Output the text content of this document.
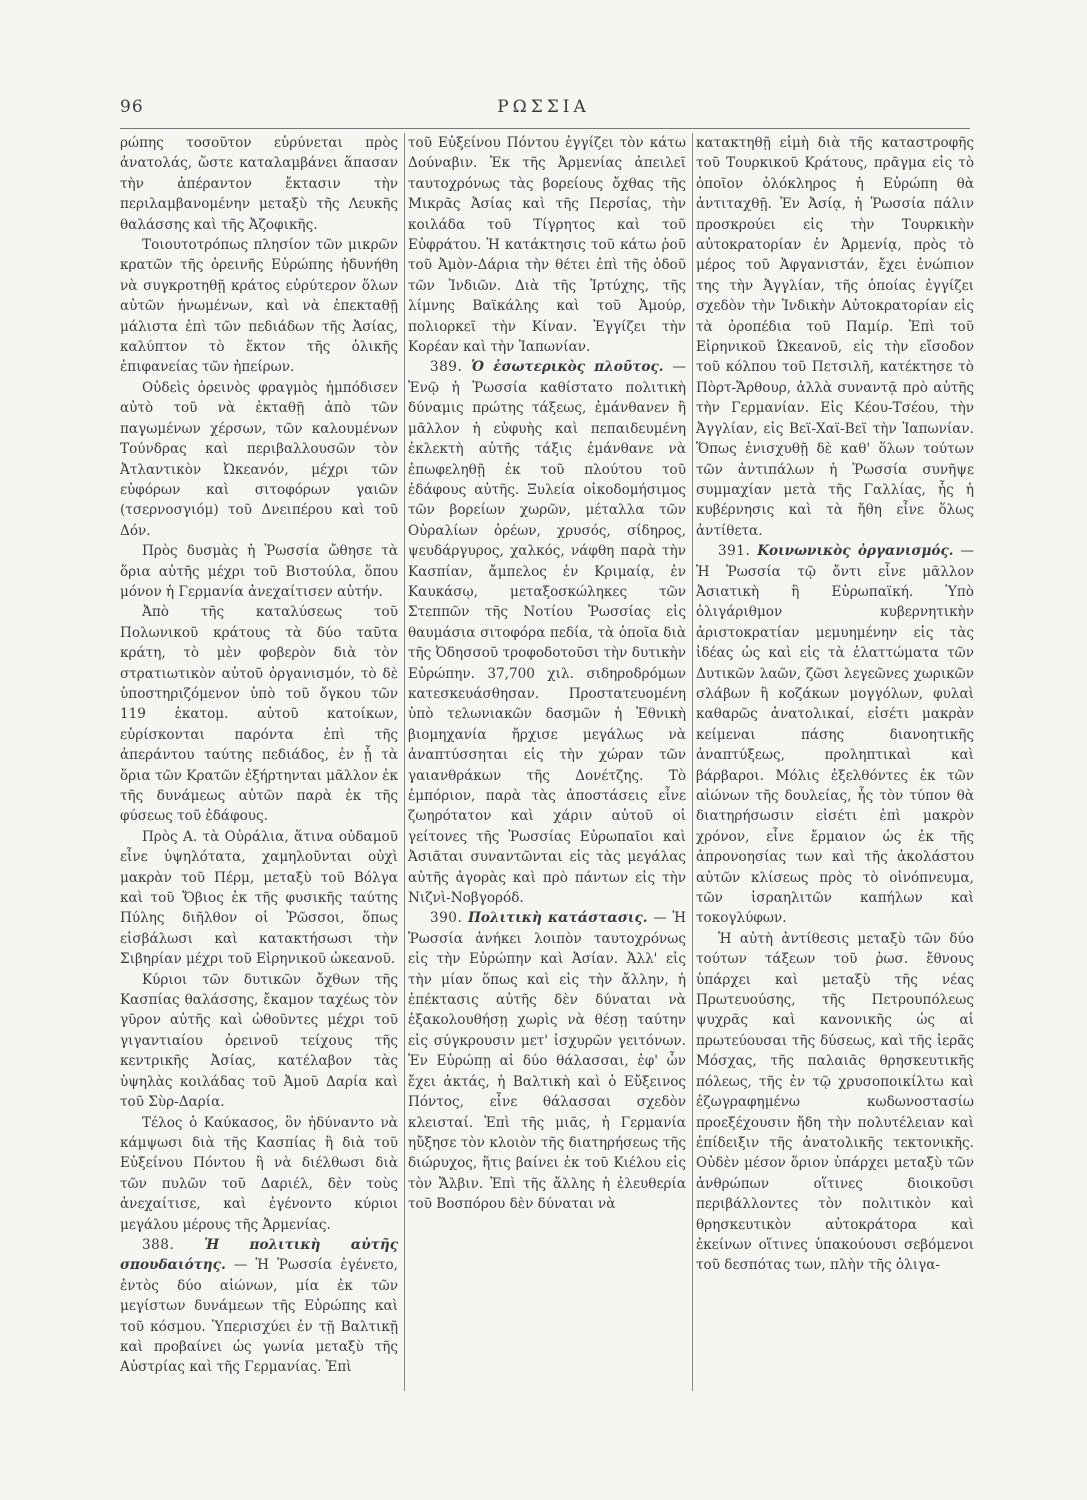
96	ΡΩΣΣΙΑ

ρώπης τοσοῦτον εὑρύνεται πρὸς ἀνατολάς, ὥστε καταλαμβάνει ἅπασαν τὴν ἀπέραντον ἔκτασιν τὴν περιλαμβανομένην μεταξὺ τῆς Λευκῆς θαλάσσης καὶ τῆς Ἀζοφικῆς.

Τοιουτοτρόπως πλησίον τῶν μικρῶν κρατῶν τῆς ὀρεινῆς Εὐρώπης ἠδυνήθη νὰ συγκροτηθῇ κράτος εὐρύτερον ὅλων αὐτῶν ἡνωμένων, καὶ νὰ ἐπεκταθῇ μάλιστα ἐπὶ τῶν πεδιάδων τῆς Ἀσίας, καλύπτον τὸ ἕκτον τῆς ὁλικῆς ἐπιφανείας τῶν ἠπείρων.

Οὐδεὶς ὀρεινὸς φραγμὸς ἠμπόδισεν αὐτὸ τοῦ νὰ ἐκταθῇ ἀπὸ τῶν παγωμένων χέρσων, τῶν καλουμένων Τούνδρας καὶ περιβαλλουσῶν τὸν Ἀτλαντικὸν Ὠκεανόν, μέχρι τῶν εὐφόρων καὶ σιτοφόρων γαιῶν (τσερνοσγιόμ) τοῦ Δνειπέρου καὶ τοῦ Δόν.

Πρὸς δυσμὰς ἡ Ῥωσσία ὤθησε τὰ ὅρια αὐτῆς μέχρι τοῦ Βιστούλα, ὅπου μόνον ἡ Γερμανία ἀνεχαίτισεν αὐτήν.

Ἀπὸ τῆς καταλύσεως τοῦ Πολωνικοῦ κράτους τὰ δύο ταῦτα κράτη, τὸ μὲν φοβερὸν διὰ τὸν στρατιωτικὸν αὐτοῦ ὀργανισμόν, τὸ δὲ ὑποστηριζόμενον ὑπὸ τοῦ ὄγκου τῶν 119 ἑκατομ. αὐτοῦ κατοίκων, εὑρίσκονται παρόντα ἐπὶ τῆς ἀπεράντου ταύτης πεδιάδος, ἐν ᾗ τὰ ὅρια τῶν Κρατῶν ἐξήρτηνται μᾶλλον ἐκ τῆς δυνάμεως αὐτῶν παρὰ ἐκ τῆς φύσεως τοῦ ἐδάφους.

Πρὸς Α. τὰ Οὐράλια, ἅτινα οὐδαμοῦ εἶνε ὑψηλότατα, χαμηλοῦνται οὐχὶ μακρὰν τοῦ Πέρμ, μεταξὺ τοῦ Βόλγα καὶ τοῦ Ὄβιος ἐκ τῆς φυσικῆς ταύτης Πύλης διῆλθον οἱ Ῥῶσσοι, ὅπως εἰσβάλωσι καὶ κατακτήσωσι τὴν Σιβηρίαν μέχρι τοῦ Εἰρηνικοῦ ὠκεανοῦ.

Κύριοι τῶν δυτικῶν ὄχθων τῆς Κασπίας θαλάσσης, ἔκαμον ταχέως τὸν γῦρον αὐτῆς καὶ ὠθοῦντες μέχρι τοῦ γιγαντιαίου ὀρεινοῦ τείχους τῆς κεντρικῆς Ἀσίας, κατέλαβον τὰς ὑψηλὰς κοιλάδας τοῦ Ἀμοῦ Δαρία καὶ τοῦ Σὺρ-Δαρία.

Τέλος ὁ Καύκασος, ὃν ἠδύναντο νὰ κάμψωσι διὰ τῆς Κασπίας ἢ διὰ τοῦ Εὐξείνου Πόντου ἢ νὰ διέλθωσι διὰ τῶν πυλῶν τοῦ Δαριέλ, δὲν τοὺς ἀνεχαίτισε, καὶ ἐγένοντο κύριοι μεγάλου μέρους τῆς Ἀρμενίας.

388. Ἡ πολιτικὴ αὐτῆς σπουδαιότης. — Ἡ Ῥωσσία ἐγένετο, ἐντὸς δύο αἰώνων, μία ἐκ τῶν μεγίστων δυνάμεων τῆς Εὐρώπης καὶ τοῦ κόσμου. Ὑπερισχύει ἐν τῇ Βαλτικῇ καὶ προβαίνει ὡς γωνία μεταξὺ τῆς Αὐστρίας καὶ τῆς Γερμανίας. Ἐπὶ

τοῦ Εὐξείνου Πόντου ἐγγίζει τὸν κάτω Δούναβιν. Ἐκ τῆς Ἀρμενίας ἀπειλεῖ ταυτοχρόνως τὰς βορείους ὄχθας τῆς Μικρᾶς Ἀσίας καὶ τῆς Περσίας, τὴν κοιλάδα τοῦ Τίγρητος καὶ τοῦ Εὐφράτου. Ἡ κατάκτησις τοῦ κάτω ῥοῦ τοῦ Ἀμὸν-Δάρια τὴν θέτει ἐπὶ τῆς ὁδοῦ τῶν Ἰνδιῶν. Διὰ τῆς Ἰρτύχης, τῆς λίμνης Βαϊκάλης καὶ τοῦ Ἀμούρ, πολιορκεῖ τὴν Κίναν. Ἐγγίζει τὴν Κορέαν καὶ τὴν Ἰαπωνίαν.

389. Ὁ ἐσωτερικὸς πλοῦτος. — Ἐνῷ ἡ Ῥωσσία καθίστατο πολιτικὴ δύναμις πρώτης τάξεως, ἐμάνθανεν ἢ μᾶλλον ἡ εὐφυὴς καὶ πεπαιδευμένη ἐκλεκτὴ αὐτῆς τάξις ἐμάνθανε νὰ ἐπωφεληθῇ ἐκ τοῦ πλούτου τοῦ ἐδάφους αὐτῆς. Ξυλεία οἰκοδομήσιμος τῶν βορείων χωρῶν, μέταλλα τῶν Οὐραλίων ὀρέων, χρυσός, σίδηρος, ψευδάργυρος, χαλκός, νάφθη παρὰ τὴν Κασπίαν, ἄμπελος ἐν Κριμαίᾳ, ἐν Καυκάσῳ, μεταξοσκώληκες τῶν Στεππῶν τῆς Νοτίου Ῥωσσίας εἰς θαυμάσια σιτοφόρα πεδία, τὰ ὁποῖα διὰ τῆς Ὀδησσοῦ τροφοδοτοῦσι τὴν δυτικὴν Εὐρώπην. 37,700 χιλ. σιδηροδρόμων κατεσκευάσθησαν. Προστατευομένη ὑπὸ τελωνιακῶν δασμῶν ἡ Ἐθνικὴ βιομηχανία ἤρχισε μεγάλως νὰ ἀναπτύσσηται εἰς τὴν χώραν τῶν γαιανθράκων τῆς Δονέτζης. Τὸ ἐμπόριον, παρὰ τὰς ἀποστάσεις εἶνε ζωηρότατον καὶ χάριν αὐτοῦ οἱ γείτονες τῆς Ῥωσσίας Εὐρωπαῖοι καὶ Ἀσιᾶται συναντῶνται εἰς τὰς μεγάλας αὐτῆς ἀγορὰς καὶ πρὸ πάντων εἰς τὴν Νιζνὶ-Νοβγορόδ.

390. Πολιτικὴ κατάστασις. — Ἡ Ῥωσσία ἀνήκει λοιπὸν ταυτοχρόνως εἰς τὴν Εὐρώπην καὶ Ἀσίαν. Ἀλλ' εἰς τὴν μίαν ὅπως καὶ εἰς τὴν ἄλλην, ἡ ἐπέκτασις αὐτῆς δὲν δύναται νὰ ἐξακολουθήσῃ χωρὶς νὰ θέσῃ ταύτην εἰς σύγκρουσιν μετ' ἰσχυρῶν γειτόνων. Ἐν Εὐρώπῃ αἱ δύο θάλασσαι, ἐφ' ὧν ἔχει ἀκτάς, ἡ Βαλτικὴ καὶ ὁ Εὔξεινος Πόντος, εἶνε θάλασσαι σχεδὸν κλεισταί. Ἐπὶ τῆς μιᾶς, ἡ Γερμανία ηὔξησε τὸν κλοιὸν τῆς διατηρήσεως τῆς διώρυχος, ἥτις βαίνει ἐκ τοῦ Κιέλου εἰς τὸν Ἄλβιν. Ἐπὶ τῆς ἄλλης ἡ ἐλευθερία τοῦ Βοσπόρου δὲν δύναται νὰ

κατακτηθῇ εἰμὴ διὰ τῆς καταστροφῆς τοῦ Τουρκικοῦ Κράτους, πρᾶγμα εἰς τὸ ὁποῖον ὁλόκληρος ἡ Εὐρώπη θὰ ἀντιταχθῇ. Ἐν Ἀσίᾳ, ἡ Ῥωσσία πάλιν προσκρούει εἰς τὴν Τουρκικὴν αὐτοκρατορίαν ἐν Ἀρμενίᾳ, πρὸς τὸ μέρος τοῦ Ἀφγανιστάν, ἔχει ἐνώπιον της τὴν Ἀγγλίαν, τῆς ὁποίας ἐγγίζει σχεδὸν τὴν Ἰνδικὴν Αὐτοκρατορίαν εἰς τὰ ὀροπέδια τοῦ Παμίρ. Ἐπὶ τοῦ Εἰρηνικοῦ Ὠκεανοῦ, εἰς τὴν εἴσοδον τοῦ κόλπου τοῦ Πετσιλῆ, κατέκτησε τὸ Πὸρτ-Ἄρθουρ, ἀλλὰ συναντᾷ πρὸ αὐτῆς τὴν Γερμανίαν. Εἰς Κέου-Τσέου, τὴν Ἀγγλίαν, εἰς Βεϊ-Χαϊ-Βεϊ τὴν Ἰαπωνίαν. Ὅπως ἐνισχυθῇ δὲ καθ' ὅλων τούτων τῶν ἀντιπάλων ἡ Ῥωσσία συνῆψε συμμαχίαν μετὰ τῆς Γαλλίας, ἧς ἡ κυβέρνησις καὶ τὰ ἤθη εἶνε ὅλως ἀντίθετα.

391. Κοινωνικὸς ὀργανισμός. — Ἡ Ῥωσσία τῷ ὄντι εἶνε μᾶλλον Ἀσιατικὴ ἢ Εὐρωπαϊκή. Ὑπὸ ὀλιγάριθμον κυβερνητικὴν ἀριστοκρατίαν μεμυημένην εἰς τὰς ἰδέας ὡς καὶ εἰς τὰ ἐλαττώματα τῶν Δυτικῶν λαῶν, ζῶσι λεγεῶνες χωρικῶν σλάβων ἢ κοζάκων μογγόλων, φυλαὶ καθαρῶς ἀνατολικαί, εἰσέτι μακρὰν κείμεναι πάσης διανοητικῆς ἀναπτύξεως, προληπτικαὶ καὶ βάρβαροι. Μόλις ἐξελθόντες ἐκ τῶν αἰώνων τῆς δουλείας, ἧς τὸν τύπον θὰ διατηρήσωσιν εἰσέτι ἐπὶ μακρὸν χρόνον, εἶνε ἔρμαιον ὡς ἐκ τῆς ἀπρονοησίας των καὶ τῆς ἀκολάστου αὐτῶν κλίσεως πρὸς τὸ οἰνόπνευμα, τῶν ἰσραηλιτῶν καπήλων καὶ τοκογλύφων.

Ἡ αὐτὴ ἀντίθεσις μεταξὺ τῶν δύο τούτων τάξεων τοῦ ῥωσ. ἔθνους ὑπάρχει καὶ μεταξὺ τῆς νέας Πρωτευούσης, τῆς Πετρουπόλεως ψυχρᾶς καὶ κανονικῆς ὡς αἱ πρωτεύουσαι τῆς δύσεως, καὶ τῆς ἱερᾶς Μόσχας, τῆς παλαιᾶς θρησκευτικῆς πόλεως, τῆς ἐν τῷ χρυσοποικίλτω καὶ ἐζωγραφημένω κωδωνοστασίω προεξέχουσιν ἤδη τὴν πολυτέλειαν καὶ ἐπίδειξιν τῆς ἀνατολικῆς τεκτονικῆς. Οὐδὲν μέσον ὅριον ὑπάρχει μεταξὺ τῶν ἀνθρώπων οἵτινες διοικοῦσι περιβάλλοντες τὸν πολιτικὸν καὶ θρησκευτικὸν αὐτοκράτορα καὶ ἐκείνων οἵτινες ὑπακούουσι σεβόμενοι τοῦ δεσπότας των, πλὴν τῆς ὀλιγα-
